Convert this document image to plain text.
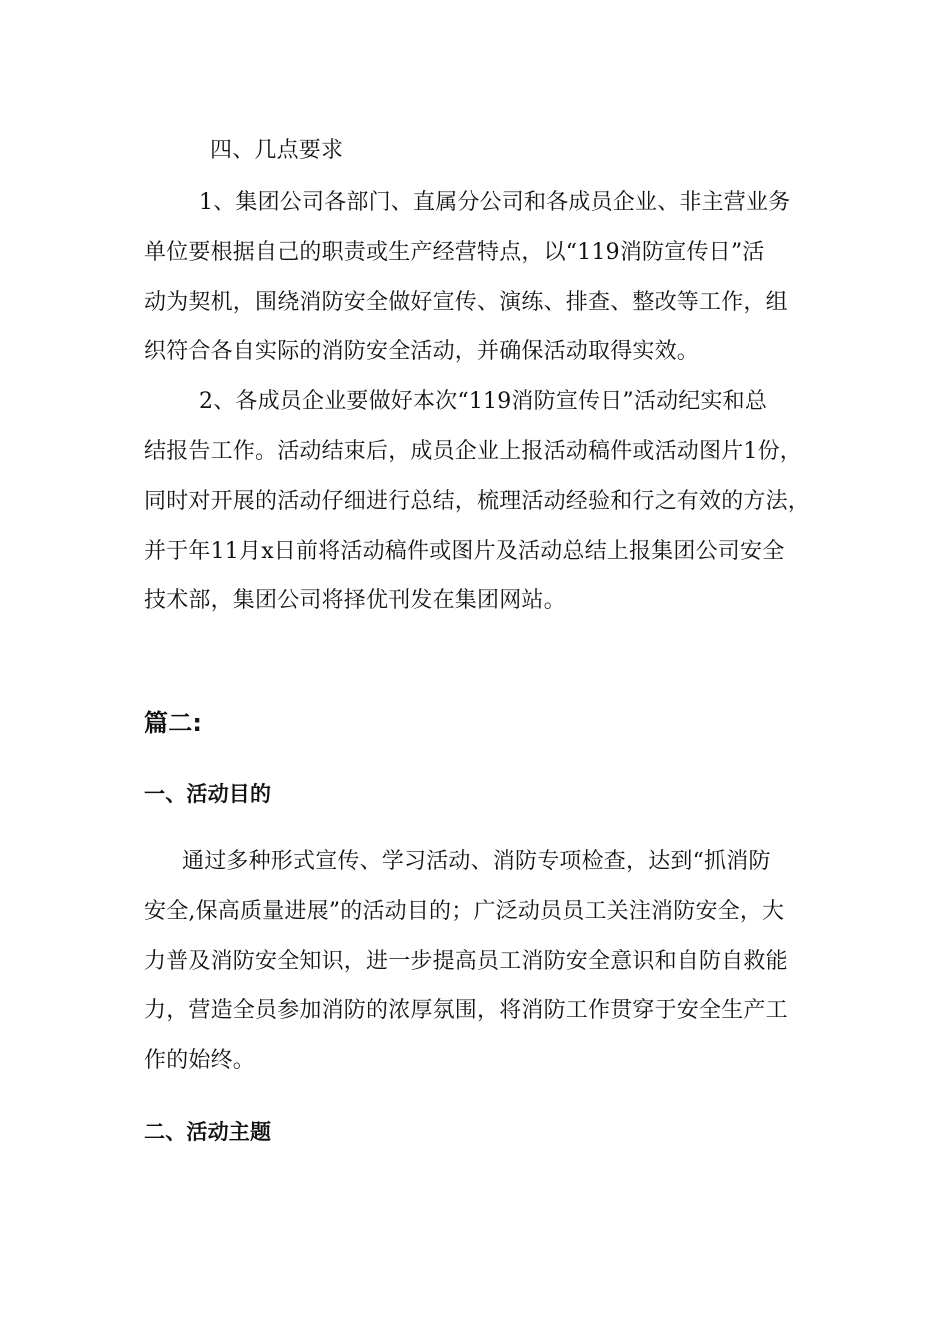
四、几点要求
1、集团公司各部门、直属分公司和各成员企业、非主营业务
单位要根据自己的职责或生产经营特点，以“119消防宣传日”活
动为契机，围绕消防安全做好宣传、演练、排查、整改等工作，组
织符合各自实际的消防安全活动，并确保活动取得实效。
2、各成员企业要做好本次“119消防宣传日”活动纪实和总
结报告工作。活动结束后，成员企业上报活动稿件或活动图片1份，
同时对开展的活动仔细进行总结，梳理活动经验和行之有效的方法，
并于年11月x日前将活动稿件或图片及活动总结上报集团公司安全
技术部，集团公司将择优刊发在集团网站。
篇二:
一、活动目的
通过多种形式宣传、学习活动、消防专项检查，达到“抓消防
安全,保高质量进展”的活动目的；广泛动员员工关注消防安全，大
力普及消防安全知识，进一步提高员工消防安全意识和自防自救能
力，营造全员参加消防的浓厚氛围，将消防工作贯穿于安全生产工
作的始终。
二、活动主题
